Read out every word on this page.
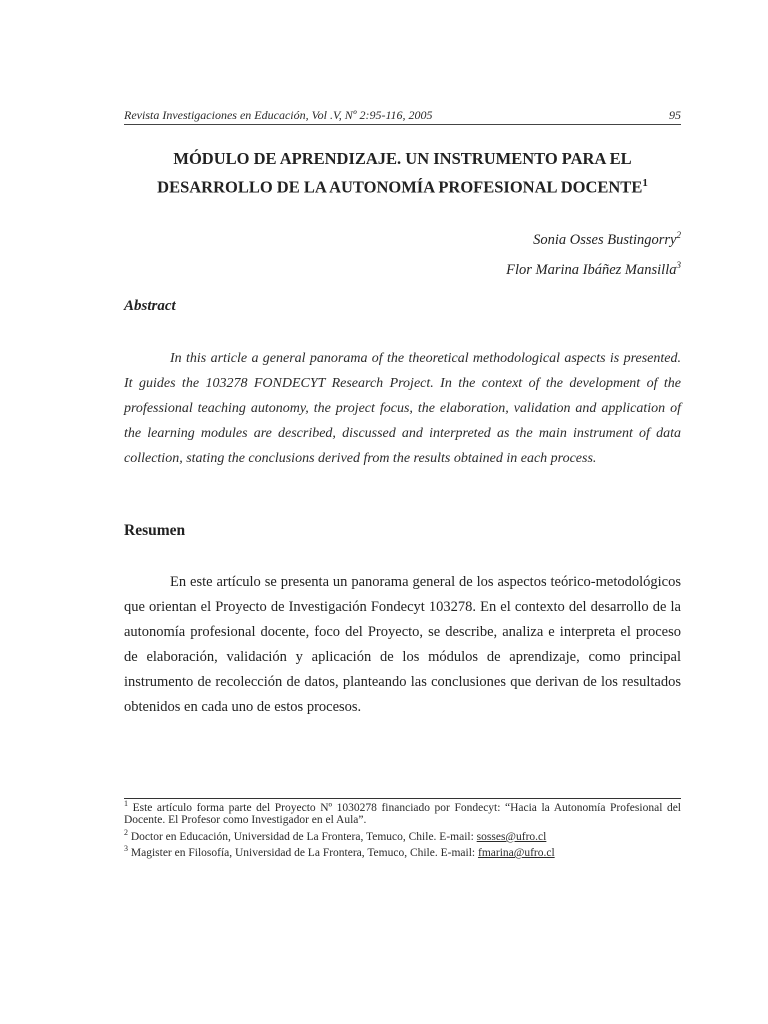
Revista Investigaciones en Educación, Vol .V, Nº 2:95-116, 2005	95
MÓDULO DE APRENDIZAJE. UN INSTRUMENTO PARA EL
DESARROLLO DE LA AUTONOMÍA PROFESIONAL DOCENTE$^1$
Sonia Osses Bustingorry$^2$
Flor Marina Ibáñez Mansilla$^3$
Abstract

In this article a general panorama of the theoretical methodological aspects is presented. It guides the 103278 FONDECYT Research Project. In the context of the development of the professional teaching autonomy, the project focus, the elaboration, validation and application of the learning modules are described, discussed and interpreted as the main instrument of data collection, stating the conclusions derived from the results obtained in each process.

Resumen

En este artículo se presenta un panorama general de los aspectos teórico-metodológicos que orientan el Proyecto de Investigación Fondecyt 103278. En el contexto del desarrollo de la autonomía profesional docente, foco del Proyecto, se describe, analiza e interpreta el proceso de elaboración, validación y aplicación de los módulos de aprendizaje, como principal instrumento de recolección de datos, planteando las conclusiones que derivan de los resultados obtenidos en cada uno de estos procesos.

$^1$ Este artículo forma parte del Proyecto Nº 1030278 financiado por Fondecyt: “Hacia la Autonomía Profesional del Docente. El Profesor como Investigador en el Aula”.

$^2$ Doctor en Educación, Universidad de La Frontera, Temuco, Chile. E-mail: sosses@ufro.cl

$^3$ Magister en Filosofía, Universidad de La Frontera, Temuco, Chile. E-mail: fmarina@ufro.cl
